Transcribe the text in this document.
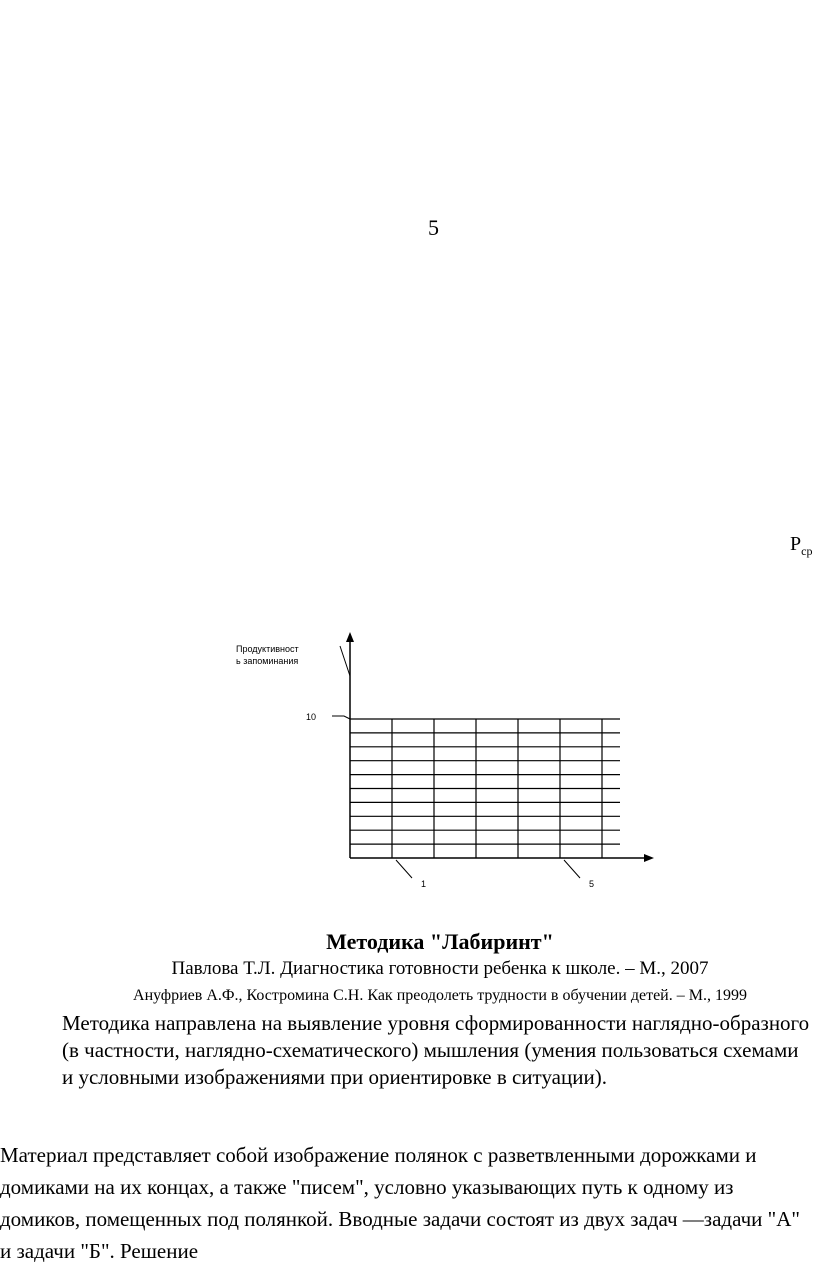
5
$P_{ср}$
Продуктивност
ь запоминания
10
1	5
Методика "Лабиринт"
Павлова Т.Л. Диагностика готовности ребенка к школе. – М., 2007
Ануфриев А.Ф., Костромина С.Н. Как преодолеть трудности в обучении детей. – М., 1999
Методика направлена на выявление уровня сформированности наглядно-образного (в частности, наглядно-схематического) мышления (умения пользоваться схемами и условными изображениями при ориентировке в ситуации).
Материал представляет собой изображение полянок с разветвленными дорожками и домиками на их концах, а также "писем", условно указывающих путь к одному из домиков, помещенных под полянкой. Вводные задачи состоят из двух задач —задачи "А" и задачи "Б". Решение
